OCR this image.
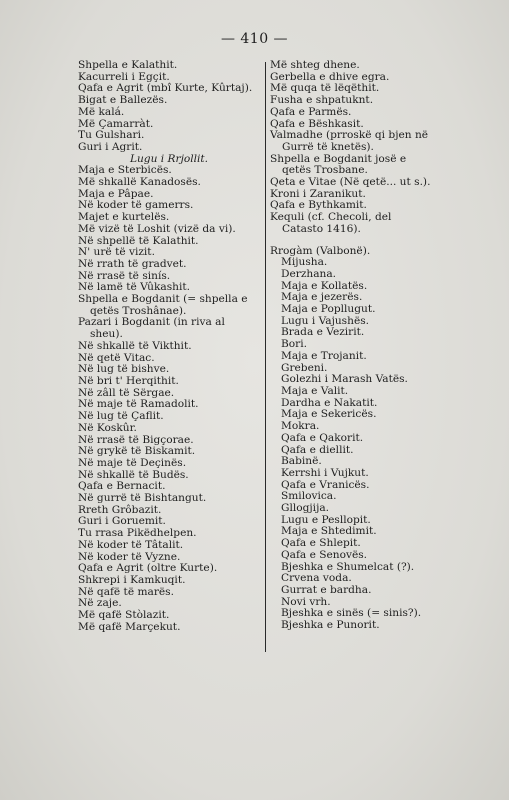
— 410 —
Shpella e Kalathit.
Kacurreli i Egçit.
Qafa e Agrit (mbî Kurte, Kûrtaj).
Bigat e Ballezës.
Më kalá.
Më Çamarràt.
Tu Gulshari.
Guri i Agrit.
Lugu i Rrjollit.
Maja e Sterbicës.
Më shkallë Kanadosës.
Maja e Pâpae.
Në koder të gamerrs.
Majet e kurtelës.
Më vizë të Loshit (vizë da vi).
Në shpellë të Kalathit.
N' urë të vizit.
Në rrath të gradvet.
Në rrasë të sinís.
Në lamë të Vûkashit.
Shpella e Bogdanit (= shpella e qetës Troshânae).
Pazari i Bogdanit (in riva al sheu).
Në shkallë të Vikthit.
Në qetë Vitac.
Në lug të bishve.
Në bri t' Herqithit.
Në zâll të Sërgae.
Në maje të Ramadolit.
Në lug të Çaflit.
Në Koskûr.
Në rrasë të Bigçorae.
Në grykë të Biskamit.
Në maje të Deçinës.
Në shkallë të Budës.
Qafa e Bernacit.
Në gurrë të Bishtangut.
Rreth Grôbazit.
Guri i Goruemit.
Tu rrasa Pikëdhelpen.
Në koder të Tâtalit.
Në koder të Vyzne.
Qafa e Agrit (oltre Kurte).
Shkrepi i Kamkuqit.
Në qafë të marës.
Në zaje.
Më qafë Stòlazit.
Më qafë Marçekut.
Më shteg dhene.
Gerbella e dhive egra.
Më quqa të lëqëthit.
Fusha e shpatuknt.
Qafa e Parmës.
Qafa e Bëshkasit.
Valmadhe (prroskë qi bjen në Gurrë të knetës).
Shpella e Bogdanit josë e qetës Trosbane.
Qeta e Vitae (Në qetë... ut s.).
Kroni i Zaranikut.
Qafa e Bythkamit.
Kequli (cf. Checoli, del Catasto 1416).
Rrogàm (Valbonë).
Mijusha.
Derzhana.
Maja e Kollatës.
Maja e jezerës.
Maja e Popllugut.
Lugu i Vajushës.
Brada e Vezirit.
Bori.
Maja e Trojanit.
Grebeni.
Golezhi i Marash Vatës.
Maja e Valit.
Dardha e Nakatit.
Maja e Sekericës.
Mokra.
Qafa e Qakorit.
Qafa e diellit.
Babinë.
Kerrshi i Vujkut.
Qafa e Vranicës.
Smilovica.
Gllogjija.
Lugu e Pesllopit.
Maja e Shtedimit.
Qafa e Shlepit.
Qafa e Senovës.
Bjeshka e Shumelcat (?).
Crvena voda.
Gurrat e bardha.
Novi vrh.
Bjeshka e sinës (= sinis?).
Bjeshka e Punorit.
